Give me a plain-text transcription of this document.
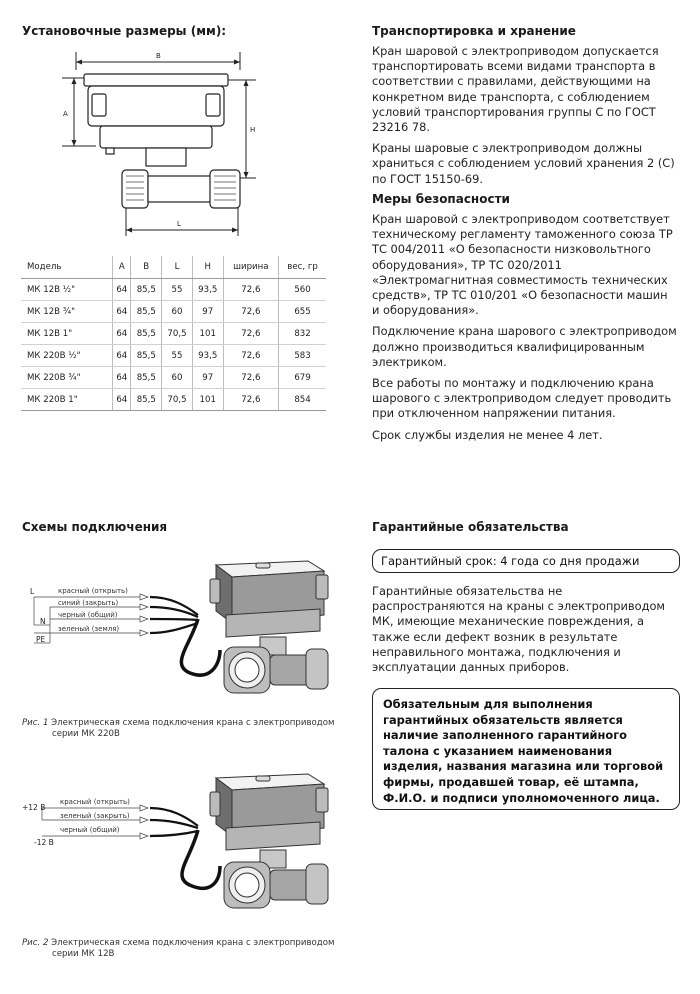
Установочные размеры (мм):
B
A
H
L
Модель	A	B	L	H	ширина	вес, гр
МК 12В ½"	64	85,5	55	93,5	72,6	560
МК 12В ¾"	64	85,5	60	97	72,6	655
МК 12В 1"	64	85,5	70,5	101	72,6	832
МК 220В ½"	64	85,5	55	93,5	72,6	583
МК 220В ¾"	64	85,5	60	97	72,6	679
МК 220В 1"	64	85,5	70,5	101	72,6	854
Транспортировка и хранение

Кран шаровой с электроприводом допускается транспортировать всеми видами транспорта в соответствии с правилами, действующими на конкретном виде транспорта, с соблюдением условий транспортирования группы С по ГОСТ 23216 78.

Краны шаровые с электроприводом должны храниться с соблюдением условий хранения 2 (С) по ГОСТ 15150-69.

Меры безопасности

Кран шаровой с электроприводом соответствует техническому регламенту таможенного союза ТР ТС 004/2011 «О безопасности низковольтного оборудования», ТР ТС 020/2011 «Электромагнитная совместимость технических средств», ТР ТС 010/201 «О безопасности машин и оборудования».

Подключение крана шарового с электроприводом должно производиться квалифицированным электриком.

Все работы по монтажу и подключению крана шарового с электроприводом следует проводить при отключенном напряжении питания.

Срок службы изделия не менее 4 лет.

Схемы подключения
L
N
PE
красный (открыть)
синий (закрыть)
черный (общий)
зеленый (земля)
Рис. 1 Электрическая схема подключения крана с электроприводом
серии МК 220В
+12 В
-12 В
красный (открыть)
зеленый (закрыть)
черный (общий)
Рис. 2 Электрическая схема подключения крана с электроприводом
серии МК 12В
Гарантийные обязательства
Гарантийный срок: 4 года со дня продажи

Гарантийные обязательства не распространяются на краны с электроприводом МК, имеющие механические повреждения, а также если дефект возник в результате неправильного монтажа, подключения и эксплуатации данных приборов.

Обязательным для выполнения гарантийных обязательств является наличие заполненного гарантийного талона с указанием наименования изделия, названия магазина или торговой фирмы, продавшей товар, её штампа, Ф.И.О. и подписи уполномоченного лица.
